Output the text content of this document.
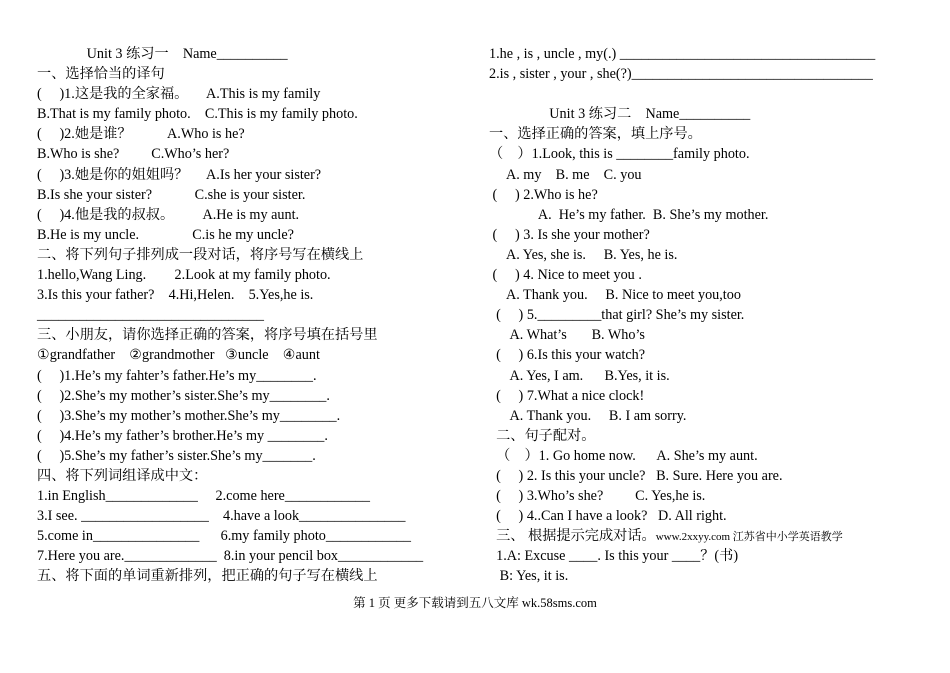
Unit 3 练习一    Name__________
一、选择恰当的译句
(     )1.这是我的全家福。     A.This is my family
B.That is my family photo.    C.This is my family photo.
(     )2.她是谁？          A.Who is he?
B.Who is she?         C.Who’s her?
(     )3.她是你的姐姐吗？     A.Is her your sister?
B.Is she your sister?            C.she is your sister.
(     )4.他是我的叔叔。        A.He is my aunt.
B.He is my uncle.               C.is he my uncle?
二、将下列句子排列成一段对话，将序号写在横线上
1.hello,Wang Ling.        2.Look at my family photo.
3.Is this your father?    4.Hi,Helen.    5.Yes,he is.
________________________________
三、小朋友，请你选择正确的答案，将序号填在括号里
①grandfather    ②grandmother   ③uncle    ④aunt
(     )1.He’s my fahter’s father.He’s my________.
(     )2.She’s my mother’s sister.She’s my________.
(     )3.She’s my mother’s mother.She’s my________.
(     )4.He’s my father’s brother.He’s my ________.
(     )5.She’s my father’s sister.She’s my_______.
四、将下列词组译成中文：
1.in English_____________     2.come here____________
3.I see. __________________    4.have a look_______________
5.come in_______________      6.my family photo____________
7.Here you are._____________  8.in your pencil box____________
五、将下面的单词重新排列，把正确的句子写在横线上
1.he , is , uncle , my(.) ____________________________________
2.is , sister , your , she(?)__________________________________
Unit 3 练习二    Name__________
一、选择正确的答案，填上序号。
（    ）1.Look, this is ________family photo.
A. my    B. me    C. you
(     ) 2.Who is he?
A.  He’s my father.  B. She’s my mother.
(     ) 3. Is she your mother?
A. Yes, she is.     B. Yes, he is.
(     ) 4. Nice to meet you .
A. Thank you.     B. Nice to meet you,too
(     ) 5._________that girl? She’s my sister.
A. What’s       B. Who’s
(     ) 6.Is this your watch?
A. Yes, I am.      B.Yes, it is.
(     ) 7.What a nice clock!
A. Thank you.     B. I am sorry.
二、句子配对。
（    ）1. Go home now.      A. She’s my aunt.
(     ) 2. Is this your uncle?   B. Sure. Here you are.
(     ) 3.Who’s she?         C. Yes,he is.
(     ) 4..Can I have a look?   D. All right.
三、 根据提示完成对话。www.2xxyy.com 江苏省中小学英语教学
1.A: Excuse ____. Is this your ____？(书)
B: Yes, it is.
第 1 页 更多下载请到五八文库 wk.58sms.com
